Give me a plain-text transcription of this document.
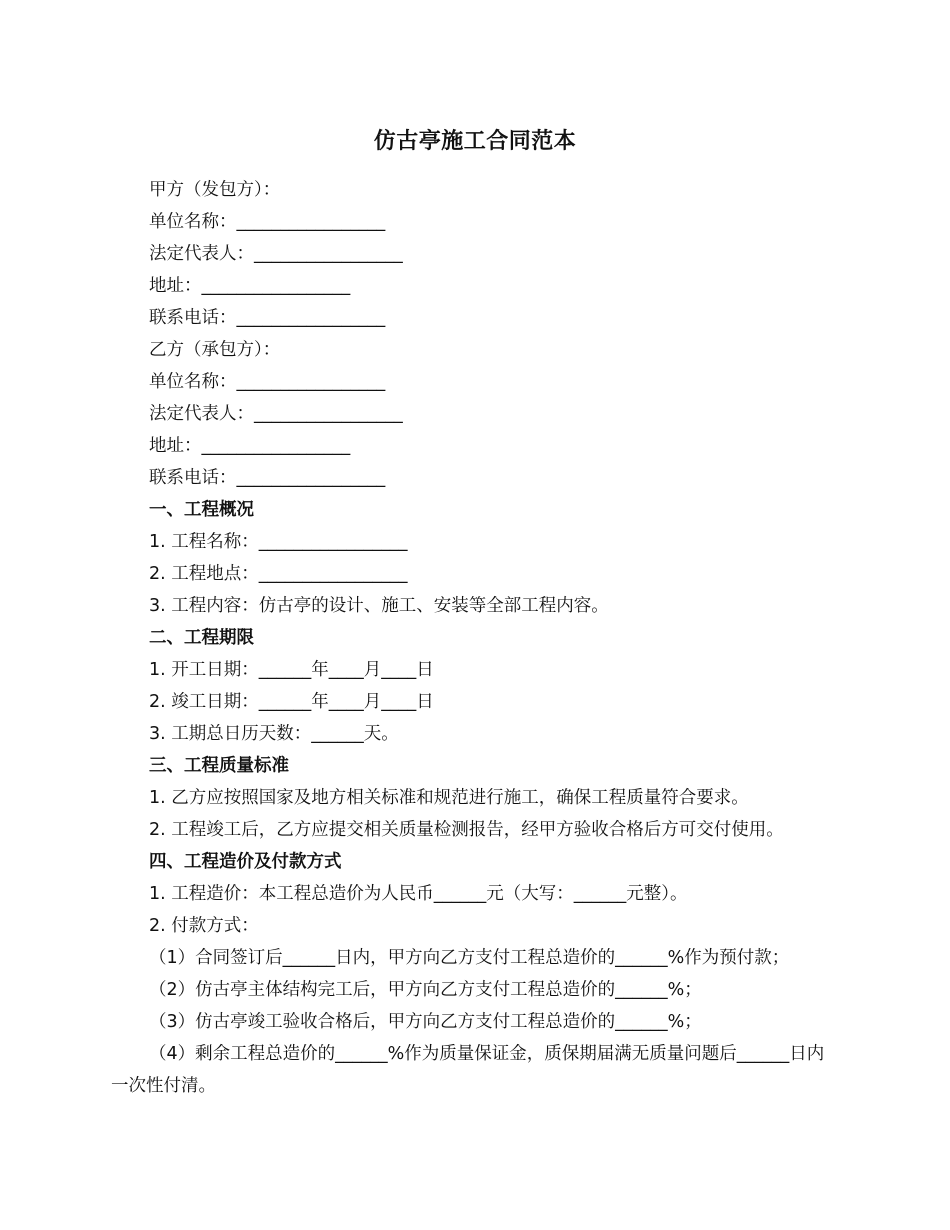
仿古亭施工合同范本
甲方（发包方）：
单位名称：_________________
法定代表人：_________________
地址：_________________
联系电话：_________________
乙方（承包方）：
单位名称：_________________
法定代表人：_________________
地址：_________________
联系电话：_________________
一、工程概况
1. 工程名称：_________________
2. 工程地点：_________________
3. 工程内容：仿古亭的设计、施工、安装等全部工程内容。
二、工程期限
1. 开工日期：______年____月____日
2. 竣工日期：______年____月____日
3. 工期总日历天数：______天。
三、工程质量标准
1. 乙方应按照国家及地方相关标准和规范进行施工，确保工程质量符合要求。
2. 工程竣工后，乙方应提交相关质量检测报告，经甲方验收合格后方可交付使用。
四、工程造价及付款方式
1. 工程造价：本工程总造价为人民币______元（大写：______元整）。
2. 付款方式：
（1）合同签订后______日内，甲方向乙方支付工程总造价的______%作为预付款；
（2）仿古亭主体结构完工后，甲方向乙方支付工程总造价的______%；
（3）仿古亭竣工验收合格后，甲方向乙方支付工程总造价的______%；
（4）剩余工程总造价的______%作为质量保证金，质保期届满无质量问题后______日内一次性付清。
